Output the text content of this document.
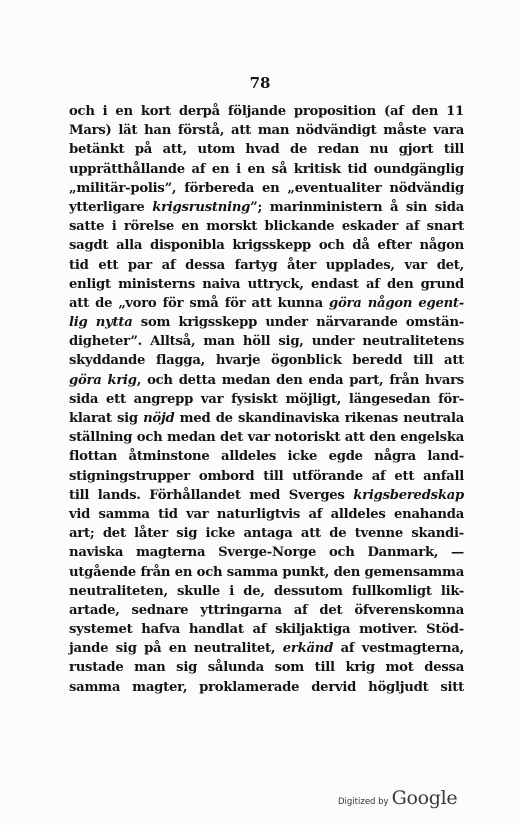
78
och i en kort derpå följande proposition (af den 11
Mars) lät han förstå, att man nödvändigt måste vara
betänkt på att, utom hvad de redan nu gjort till
upprätthållande af en i en så kritisk tid oundgänglig
„militär-polis”, förbereda en „eventualiter nödvändig
ytterligare krigsrustning”; marinministern å sin sida
satte i rörelse en morskt blickande eskader af snart
sagdt alla disponibla krigsskepp och då efter någon
tid ett par af dessa fartyg åter upplades, var det,
enligt ministerns naiva uttryck, endast af den grund
att de „voro för små för att kunna göra någon egent-
lig nytta som krigsskepp under närvarande omstän-
digheter”. Alltså, man höll sig, under neutralitetens
skyddande flagga, hvarje ögonblick beredd till att
göra krig, och detta medan den enda part, från hvars
sida ett angrepp var fysiskt möjligt, längesedan för-
klarat sig nöjd med de skandinaviska rikenas neutrala
ställning och medan det var notoriskt att den engelska
flottan åtminstone alldeles icke egde några land-
stigningstrupper ombord till utförande af ett anfall
till lands. Förhållandet med Sverges krigsberedskap
vid samma tid var naturligtvis af alldeles enahanda
art; det låter sig icke antaga att de tvenne skandi-
naviska magterna Sverge-Norge och Danmark, —
utgående från en och samma punkt, den gemensamma
neutraliteten, skulle i de, dessutom fullkomligt lik-
artade, sednare yttringarna af det öfverenskomna
systemet hafva handlat af skiljaktiga motiver. Stöd-
jande sig på en neutralitet, erkänd af vestmagterna,
rustade man sig sålunda som till krig mot dessa
samma magter, proklamerade dervid högljudt sitt
Digitized by Google
